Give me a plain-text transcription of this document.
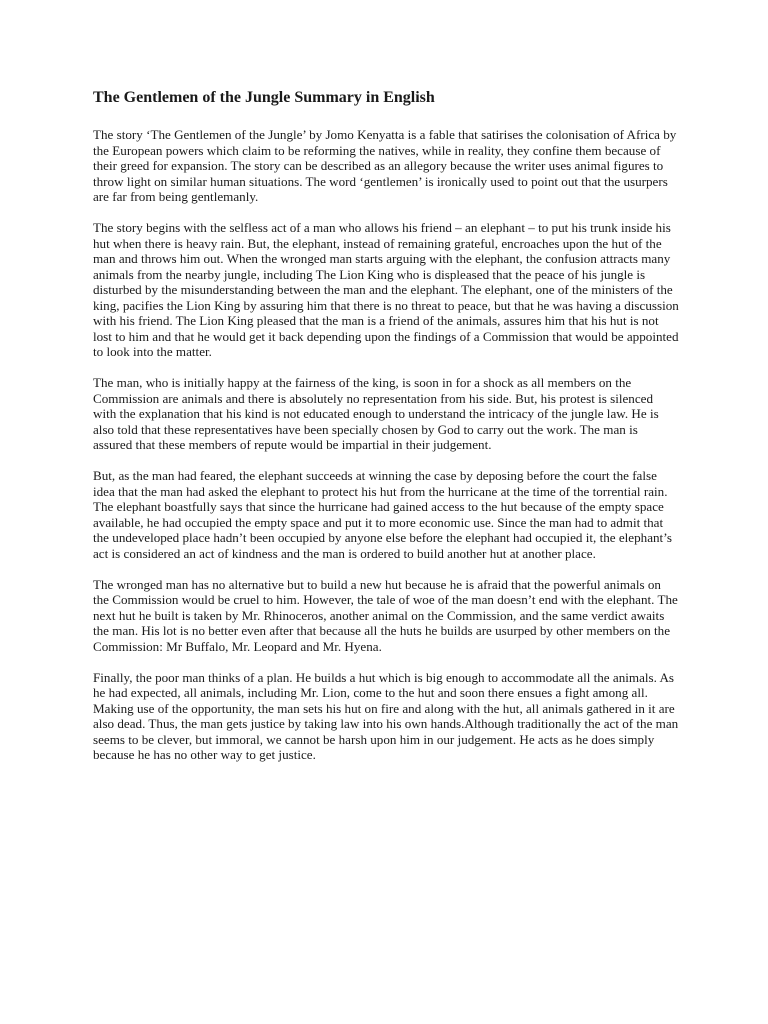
The Gentlemen of the Jungle Summary in English

The story ‘The Gentlemen of the Jungle’ by Jomo Kenyatta is a fable that satirises the colonisation of Africa by the European powers which claim to be reforming the natives, while in reality, they confine them because of their greed for expansion. The story can be described as an allegory because the writer uses animal figures to throw light on similar human situations. The word ‘gentlemen’ is ironically used to point out that the usurpers are far from being gentlemanly.

The story begins with the selfless act of a man who allows his friend – an elephant – to put his trunk inside his hut when there is heavy rain. But, the elephant, instead of remaining grateful, encroaches upon the hut of the man and throws him out. When the wronged man starts arguing with the elephant, the confusion attracts many animals from the nearby jungle, including The Lion King who is displeased that the peace of his jungle is disturbed by the misunderstanding between the man and the elephant. The elephant, one of the ministers of the king, pacifies the Lion King by assuring him that there is no threat to peace, but that he was having a discussion with his friend. The Lion King pleased that the man is a friend of the animals, assures him that his hut is not lost to him and that he would get it back depending upon the findings of a Commission that would be appointed to look into the matter.

The man, who is initially happy at the fairness of the king, is soon in for a shock as all members on the Commission are animals and there is absolutely no representation from his side. But, his protest is silenced with the explanation that his kind is not educated enough to understand the intricacy of the jungle law. He is also told that these representatives have been specially chosen by God to carry out the work. The man is assured that these members of repute would be impartial in their judgement.

But, as the man had feared, the elephant succeeds at winning the case by deposing before the court the false idea that the man had asked the elephant to protect his hut from the hurricane at the time of the torrential rain. The elephant boastfully says that since the hurricane had gained access to the hut because of the empty space available, he had occupied the empty space and put it to more economic use. Since the man had to admit that the undeveloped place hadn’t been occupied by anyone else before the elephant had occupied it, the elephant’s act is considered an act of kindness and the man is ordered to build another hut at another place.

The wronged man has no alternative but to build a new hut because he is afraid that the powerful animals on the Commission would be cruel to him. However, the tale of woe of the man doesn’t end with the elephant. The next hut he built is taken by Mr. Rhinoceros, another animal on the Commission, and the same verdict awaits the man. His lot is no better even after that because all the huts he builds are usurped by other members on the Commission: Mr Buffalo, Mr. Leopard and Mr. Hyena.

Finally, the poor man thinks of a plan. He builds a hut which is big enough to accommodate all the animals. As he had expected, all animals, including Mr. Lion, come to the hut and soon there ensues a fight among all. Making use of the opportunity, the man sets his hut on fire and along with the hut, all animals gathered in it are also dead. Thus, the man gets justice by taking law into his own hands.Although traditionally the act of the man seems to be clever, but immoral, we cannot be harsh upon him in our judgement. He acts as he does simply because he has no other way to get justice.
